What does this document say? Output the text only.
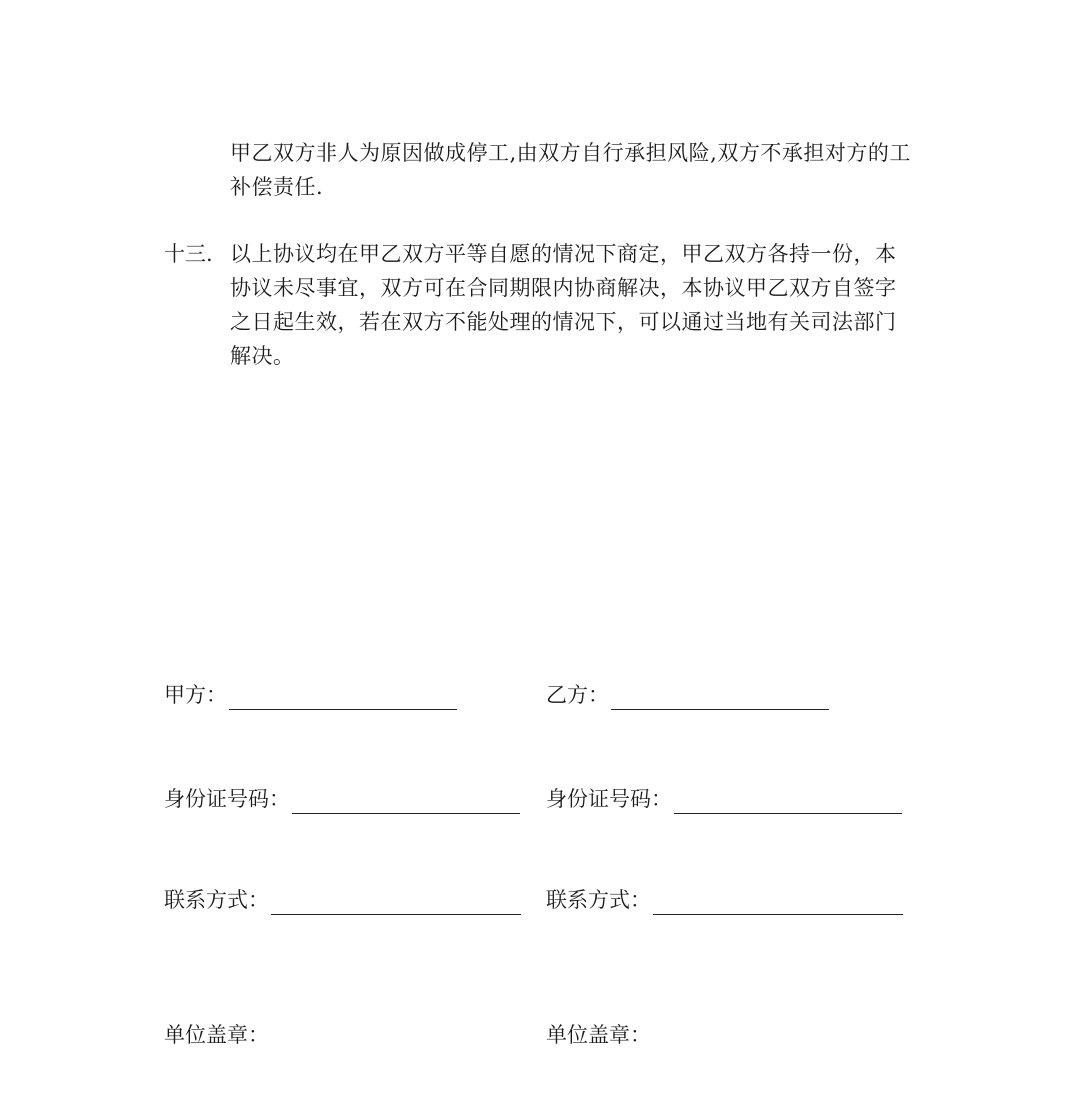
甲乙双方非人为原因做成停工,由双方自行承担风险,双方不承担对方的工
补偿责任.
十三. 以上协议均在甲乙双方平等自愿的情况下商定，甲乙双方各持一份，本
协议未尽事宜，双方可在合同期限内协商解决，本协议甲乙双方自签字
之日起生效，若在双方不能处理的情况下，可以通过当地有关司法部门
解决。
甲方：
身份证号码：
联系方式：
单位盖章：
乙方：
身份证号码：
联系方式：
单位盖章：
